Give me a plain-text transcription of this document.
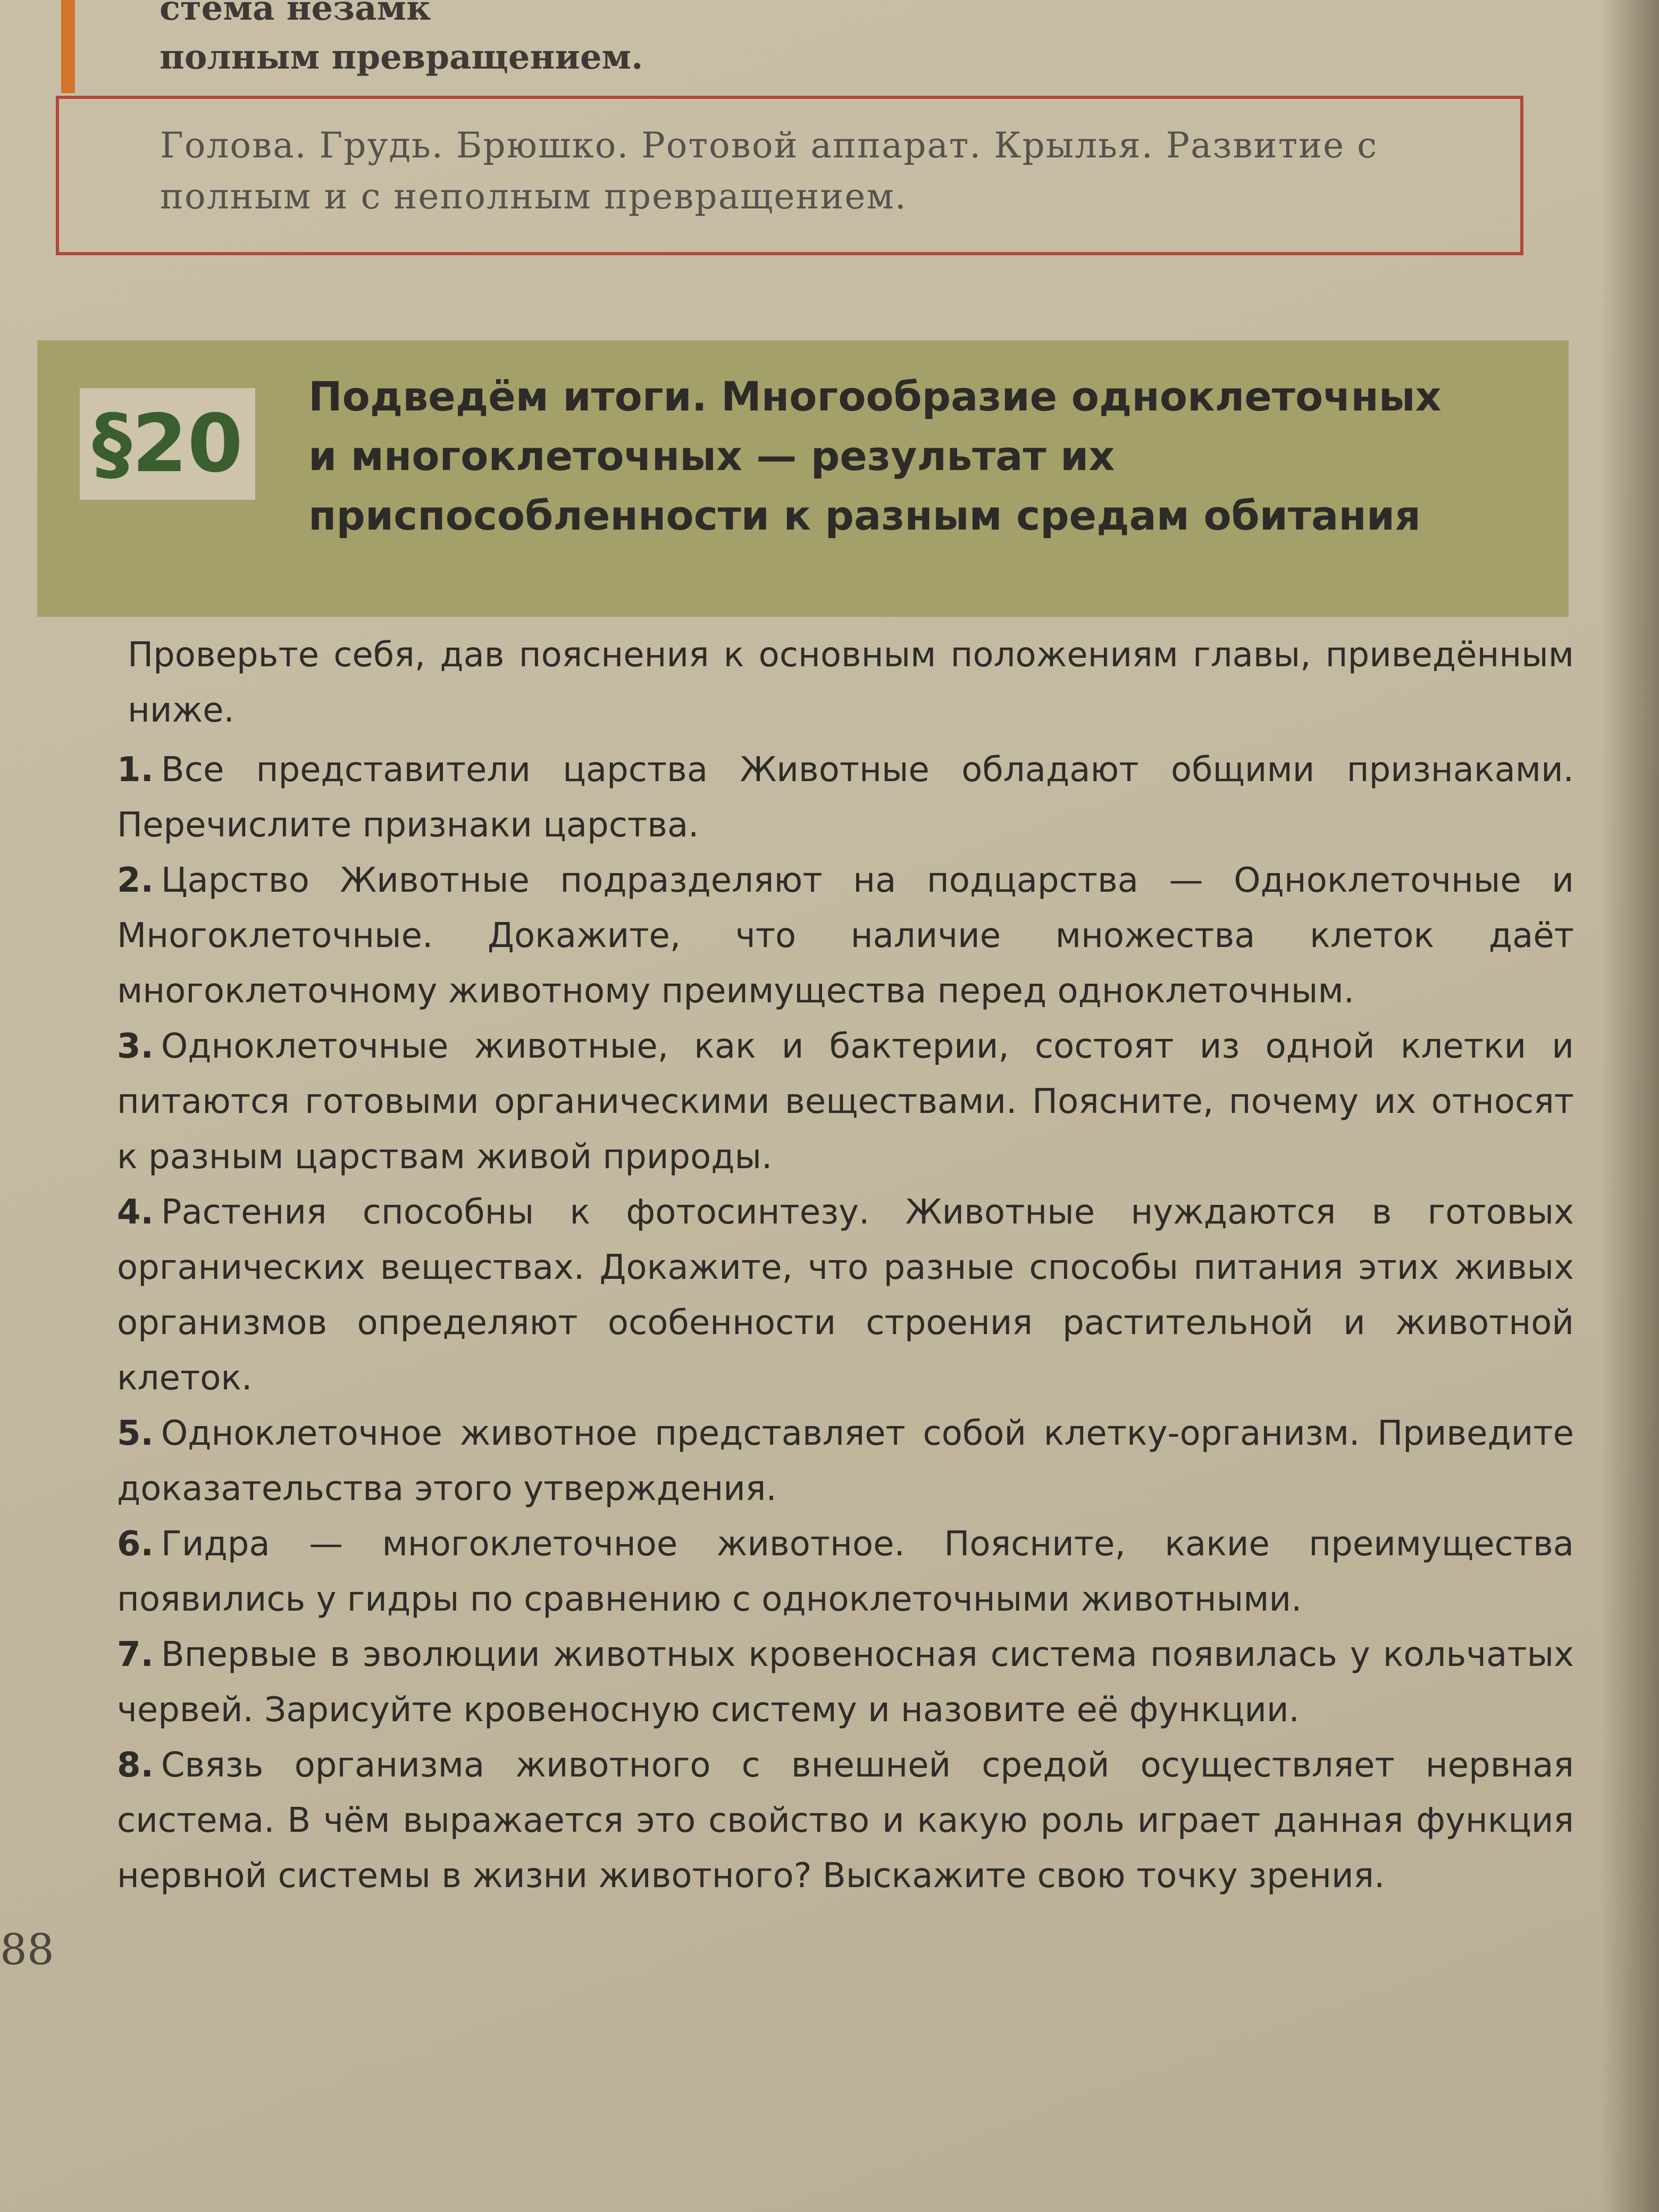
стема незамк
полным превращением.
Голова. Грудь. Брюшко. Ротовой аппарат. Крылья. Развитие с полным и с неполным превращением.
§20
Подведём итоги. Многообразие одноклеточных
и многоклеточных — результат их
приспособленности к разным средам обитания

Проверьте себя, дав пояснения к основным положениям главы, приведённым ниже.

1. Все представители царства Животные обладают общими признаками. Перечислите признаки царства.
2. Царство Животные подразделяют на подцарства — Одноклеточные и Многоклеточные. Докажите, что наличие множества клеток даёт многоклеточному животному преимущества перед одноклеточным.
3. Одноклеточные животные, как и бактерии, состоят из одной клетки и питаются готовыми органическими веществами. Поясните, почему их относят к разным царствам живой природы.
4. Растения способны к фотосинтезу. Животные нуждаются в готовых органических веществах. Докажите, что разные способы питания этих живых организмов определяют особенности строения растительной и животной клеток.
5. Одноклеточное животное представляет собой клетку-организм. Приведите доказательства этого утверждения.
6. Гидра — многоклеточное животное. Поясните, какие преимущества появились у гидры по сравнению с одноклеточными животными.
7. Впервые в эволюции животных кровеносная система появилась у кольчатых червей. Зарисуйте кровеносную систему и назовите её функции.
8. Связь организма животного с внешней средой осуществляет нервная система. В чём выражается это свойство и какую роль играет данная функция нервной системы в жизни животного? Выскажите свою точку зрения.
88
